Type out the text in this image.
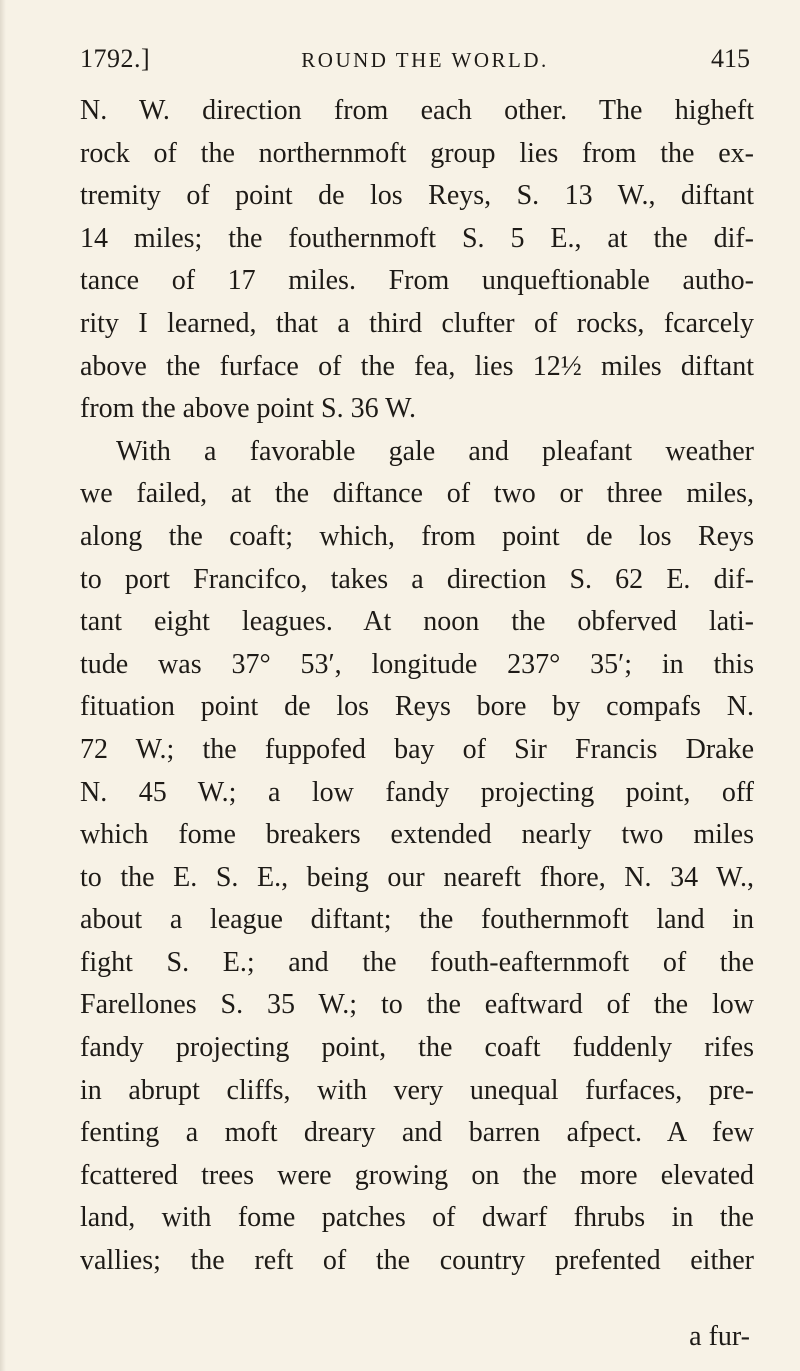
1792.]	ROUND THE WORLD.	415
N. W. direction from each other. The higheft
rock of the northernmoft group lies from the ex-
tremity of point de los Reys, S. 13 W., diftant
14 miles; the fouthernmoft S. 5 E., at the dif-
tance of 17 miles. From unqueftionable autho-
rity I learned, that a third clufter of rocks, fcarcely
above the furface of the fea, lies 12½ miles diftant
from the above point S. 36 W.
With a favorable gale and pleafant weather
we failed, at the diftance of two or three miles,
along the coaft; which, from point de los Reys
to port Francifco, takes a direction S. 62 E. dif-
tant eight leagues. At noon the obferved lati-
tude was 37° 53′, longitude 237° 35′; in this
fituation point de los Reys bore by compafs N.
72 W.; the fuppofed bay of Sir Francis Drake
N. 45 W.; a low fandy projecting point, off
which fome breakers extended nearly two miles
to the E. S. E., being our neareft fhore, N. 34 W.,
about a league diftant; the fouthernmoft land in
fight S. E.; and the fouth-eafternmoft of the
Farellones S. 35 W.; to the eaftward of the low
fandy projecting point, the coaft fuddenly rifes
in abrupt cliffs, with very unequal furfaces, pre-
fenting a moft dreary and barren afpect. A few
fcattered trees were growing on the more elevated
land, with fome patches of dwarf fhrubs in the
vallies; the reft of the country prefented either
a fur-
